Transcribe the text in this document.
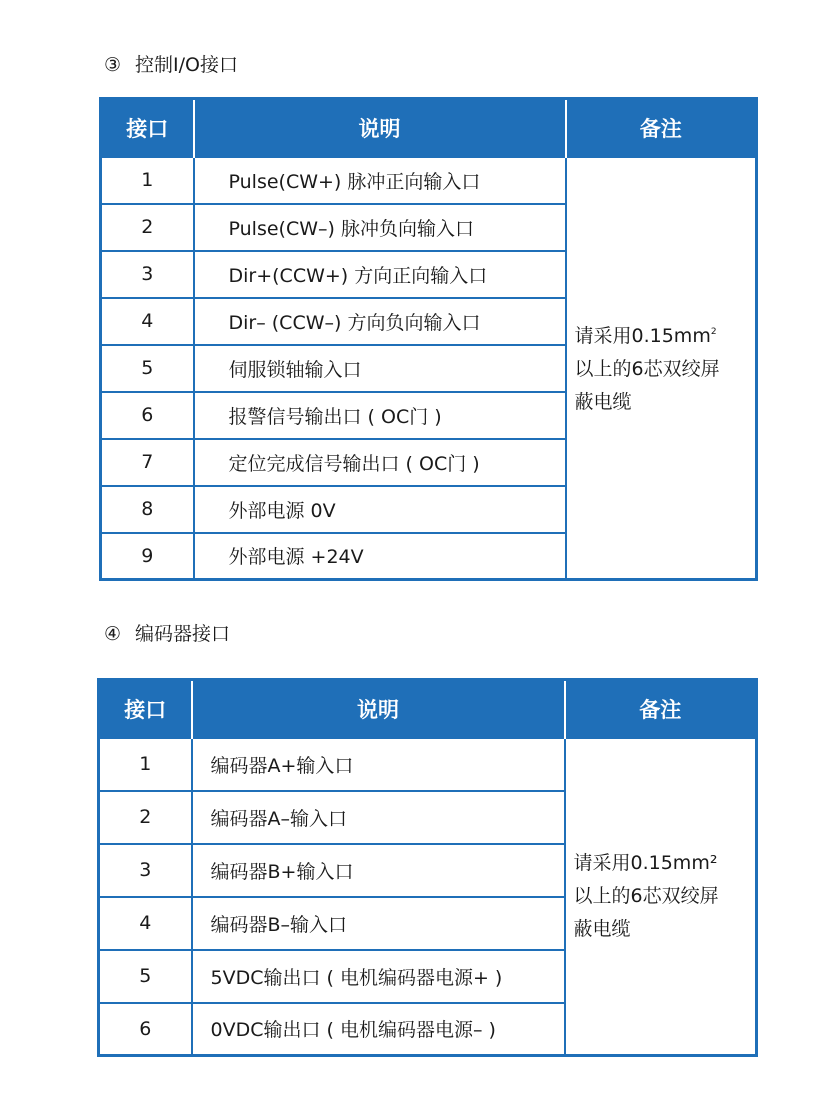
③ 控制I/O接口
接口	说明	备注
1	Pulse(CW+) 脉冲正向输入口	请采用$0.15mm^2$
以上的6芯双绞屏
蔽电缆

2	Pulse(CW–) 脉冲负向输入口	
3	Dir+(CCW+) 方向正向输入口	
4	Dir– (CCW–) 方向负向输入口	
5	伺服锁轴输入口	
6	报警信号输出口 ( OC门 )	
7	定位完成信号输出口 ( OC门 )	
8	外部电源 0V	
9	外部电源 +24V	
④ 编码器接口
接口	说明	备注
1	编码器A+输入口	请采用0.15mm²
以上的6芯双绞屏
蔽电缆

2	编码器A–输入口	
3	编码器B+输入口	
4	编码器B–输入口	
5	5VDC输出口 ( 电机编码器电源+ )	
6	0VDC输出口 ( 电机编码器电源– )	
